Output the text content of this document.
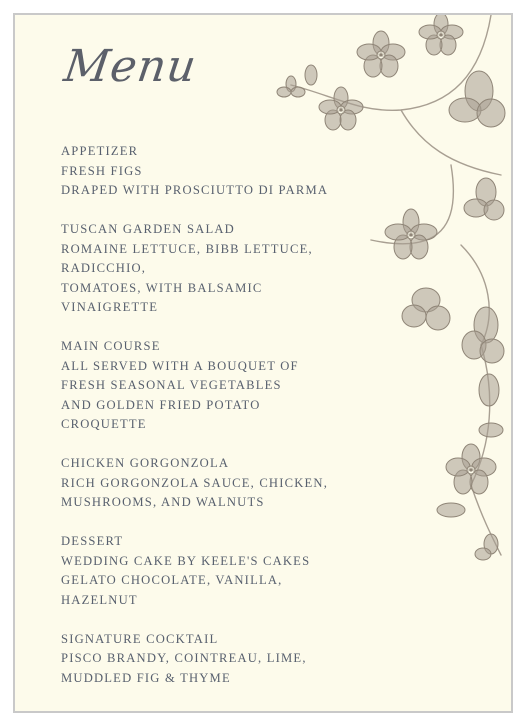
Menu
APPETIZER
FRESH FIGS
DRAPED WITH PROSCIUTTO DI PARMA
TUSCAN GARDEN SALAD
ROMAINE LETTUCE, BIBB LETTUCE,
RADICCHIO,
TOMATOES, WITH BALSAMIC
VINAIGRETTE
MAIN COURSE
ALL SERVED WITH A BOUQUET OF
FRESH SEASONAL VEGETABLES
AND GOLDEN FRIED POTATO
CROQUETTE
CHICKEN GORGONZOLA
RICH GORGONZOLA SAUCE, CHICKEN,
MUSHROOMS, AND WALNUTS
DESSERT
WEDDING CAKE BY KEELE'S CAKES
GELATO CHOCOLATE, VANILLA,
HAZELNUT
SIGNATURE COCKTAIL
PISCO BRANDY, COINTREAU, LIME,
MUDDLED FIG & THYME
